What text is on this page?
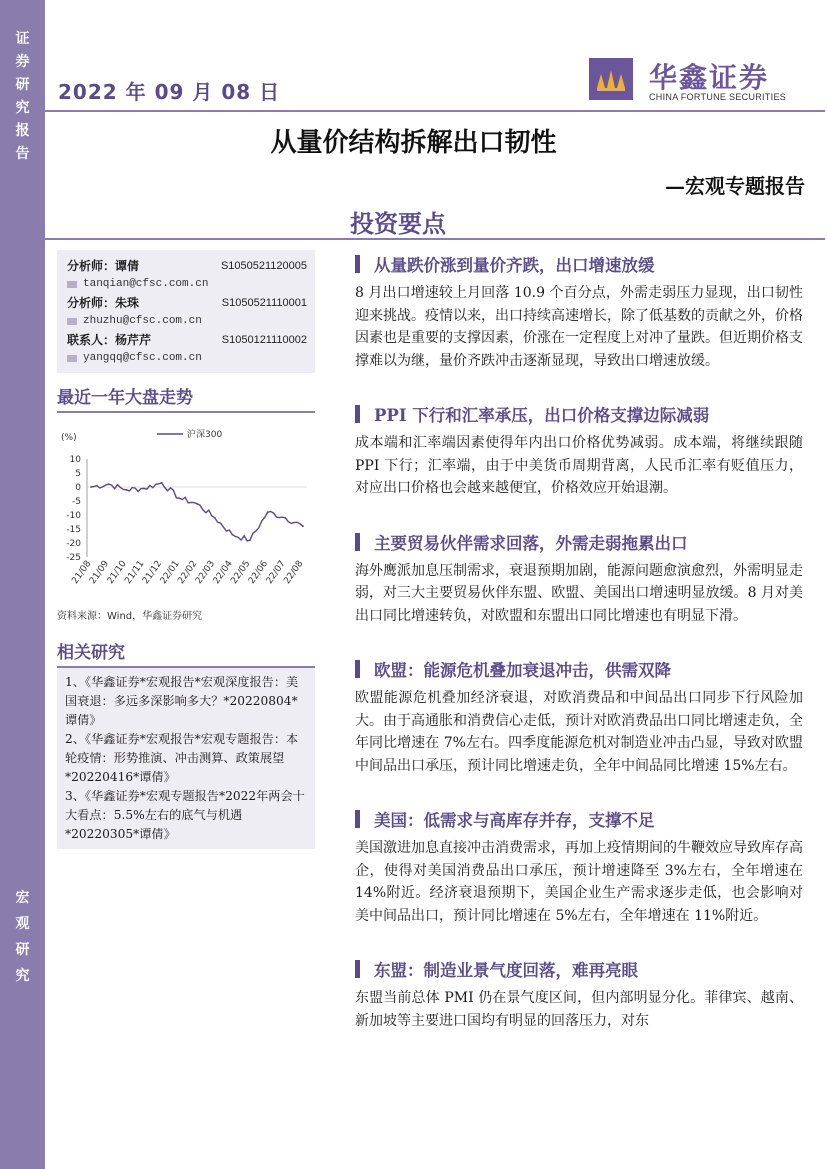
证
券
研
究
报
告
宏
观
研
究
2022 年 09 月 08 日	华鑫证券
CHINA FORTUNE SECURITIES
从量价结构拆解出口韧性
—宏观专题报告
投资要点
分析师：谭倩	S1050521120005
tanqian@cfsc.com.cn
分析师：朱珠	S1050521110001
zhuzhu@cfsc.com.cn
联系人：杨芹芹	S1050121110002
yangqq@cfsc.com.cn
最近一年大盘走势
(%)	沪深300
10
5
0
-5
-10
-15
-20
-25
21/08
21/09
21/10
21/11
21/12
22/01
22/02
22/03
22/04
22/05
22/06
22/07
22/08
资料来源：Wind，华鑫证券研究
相关研究

1、《华鑫证券*宏观报告*宏观深度报告：美国衰退：多远多深影响多大？*20220804*谭倩》

2、《华鑫证券*宏观报告*宏观专题报告：本轮疫情：形势推演、冲击测算、政策展望*20220416*谭倩》

3、《华鑫证券*宏观专题报告*2022年两会十大看点：5.5%左右的底气与机遇*20220305*谭倩》

从量跌价涨到量价齐跌，出口增速放缓
8 月出口增速较上月回落 10.9 个百分点，外需走弱压力显现，出口韧性迎来挑战。疫情以来，出口持续高速增长，除了低基数的贡献之外，价格因素也是重要的支撑因素，价涨在一定程度上对冲了量跌。但近期价格支撑难以为继，量价齐跌冲击逐渐显现，导致出口增速放缓。
PPI 下行和汇率承压，出口价格支撑边际减弱
成本端和汇率端因素使得年内出口价格优势减弱。成本端，将继续跟随 PPI 下行；汇率端，由于中美货币周期背离，人民币汇率有贬值压力，对应出口价格也会越来越便宜，价格效应开始退潮。
主要贸易伙伴需求回落，外需走弱拖累出口
海外鹰派加息压制需求，衰退预期加剧，能源问题愈演愈烈，外需明显走弱，对三大主要贸易伙伴东盟、欧盟、美国出口增速明显放缓。8 月对美出口同比增速转负，对欧盟和东盟出口同比增速也有明显下滑。
欧盟：能源危机叠加衰退冲击，供需双降
欧盟能源危机叠加经济衰退，对欧消费品和中间品出口同步下行风险加大。由于高通胀和消费信心走低，预计对欧消费品出口同比增速走负，全年同比增速在 7%左右。四季度能源危机对制造业冲击凸显，导致对欧盟中间品出口承压，预计同比增速走负，全年中间品同比增速 15%左右。
美国：低需求与高库存并存，支撑不足
美国激进加息直接冲击消费需求，再加上疫情期间的牛鞭效应导致库存高企，使得对美国消费品出口承压，预计增速降至 3%左右，全年增速在 14%附近。经济衰退预期下，美国企业生产需求逐步走低，也会影响对美中间品出口，预计同比增速在 5%左右，全年增速在 11%附近。
东盟：制造业景气度回落，难再亮眼
东盟当前总体 PMI 仍在景气度区间，但内部明显分化。菲律宾、越南、新加坡等主要进口国均有明显的回落压力，对东
